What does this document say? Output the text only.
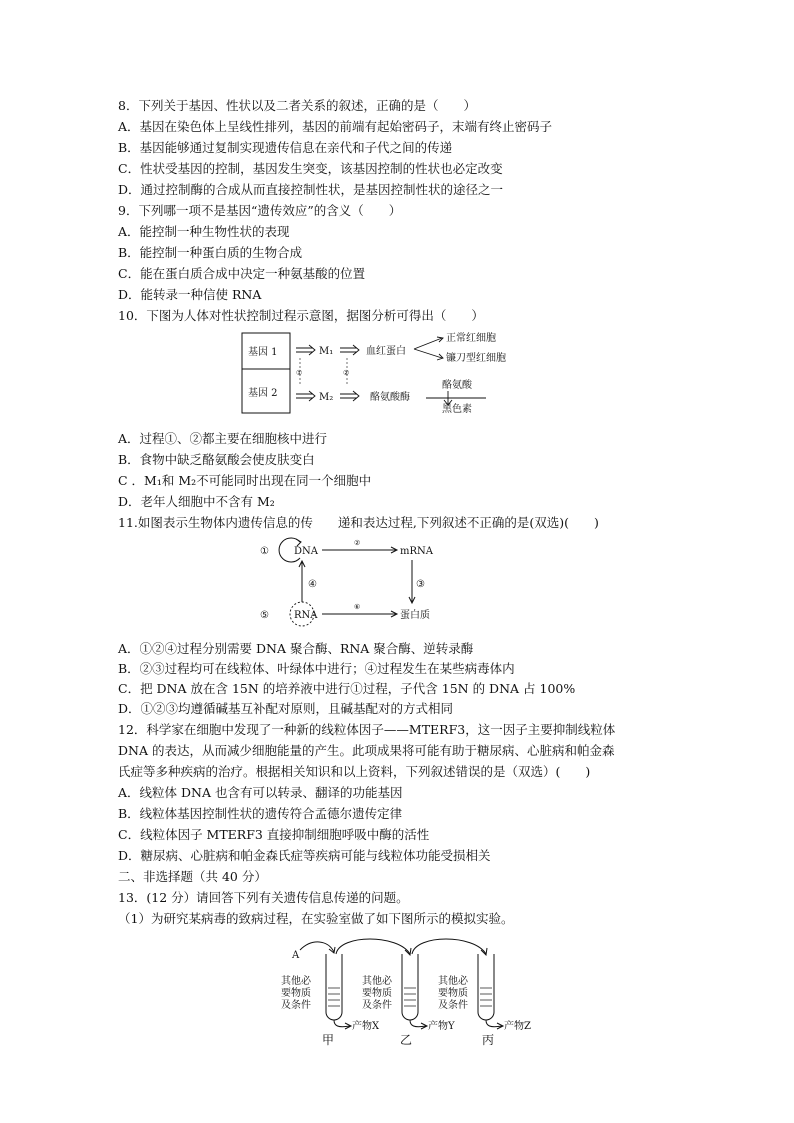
8．下列关于基因、性状以及二者关系的叙述，正确的是（　　）
A．基因在染色体上呈线性排列，基因的前端有起始密码子，末端有终止密码子
B．基因能够通过复制实现遗传信息在亲代和子代之间的传递
C．性状受基因的控制，基因发生突变，该基因控制的性状也必定改变
D．通过控制酶的合成从而直接控制性状，是基因控制性状的途径之一
9．下列哪一项不是基因“遗传效应”的含义（　　）
A．能控制一种生物性状的表现
B．能控制一种蛋白质的生物合成
C．能在蛋白质合成中决定一种氨基酸的位置
D．能转录一种信使 RNA
10．下图为人体对性状控制过程示意图，据图分析可得出（　　）
基因 1
基因 2
M₁
M₂
①	②
血红蛋白
酪氨酸酶
正常红细胞
镰刀型红细胞
酪氨酸
黑色素
A．过程①、②都主要在细胞核中进行
B．食物中缺乏酪氨酸会使皮肤变白
C ．M₁和 M₂不可能同时出现在同一个细胞中
D．老年人细胞中不含有 M₂
11.如图表示生物体内遗传信息的传　　递和表达过程,下列叙述不正确的是(双选)(　　)
①	DNA
②
mRNA
③
④
⑤	RNA
⑥
蛋白质
A．①②④过程分别需要 DNA 聚合酶、RNA 聚合酶、逆转录酶
B．②③过程均可在线粒体、叶绿体中进行；④过程发生在某些病毒体内
C．把 DNA 放在含 15N 的培养液中进行①过程，子代含 15N 的 DNA 占 100%
D．①②③均遵循碱基互补配对原则，且碱基配对的方式相同
12．科学家在细胞中发现了一种新的线粒体因子——MTERF3，这一因子主要抑制线粒体
DNA 的表达，从而减少细胞能量的产生。此项成果将可能有助于糖尿病、心脏病和帕金森
氏症等多种疾病的治疗。根据相关知识和以上资料，下列叙述错误的是（双选）(　　)
A．线粒体 DNA 也含有可以转录、翻译的功能基因
B．线粒体基因控制性状的遗传符合孟德尔遗传定律
C．线粒体因子 MTERF3 直接抑制细胞呼吸中酶的活性
D．糖尿病、心脏病和帕金森氏症等疾病可能与线粒体功能受损相关
二、非选择题（共 40 分）
13．(12 分）请回答下列有关遗传信息传递的问题。
（1）为研究某病毒的致病过程，在实验室做了如下图所示的模拟实验。
A
其他必
要物质
及条件
产物X
甲
其他必
要物质
及条件
产物Y
乙
其他必
要物质
及条件
产物Z
丙
